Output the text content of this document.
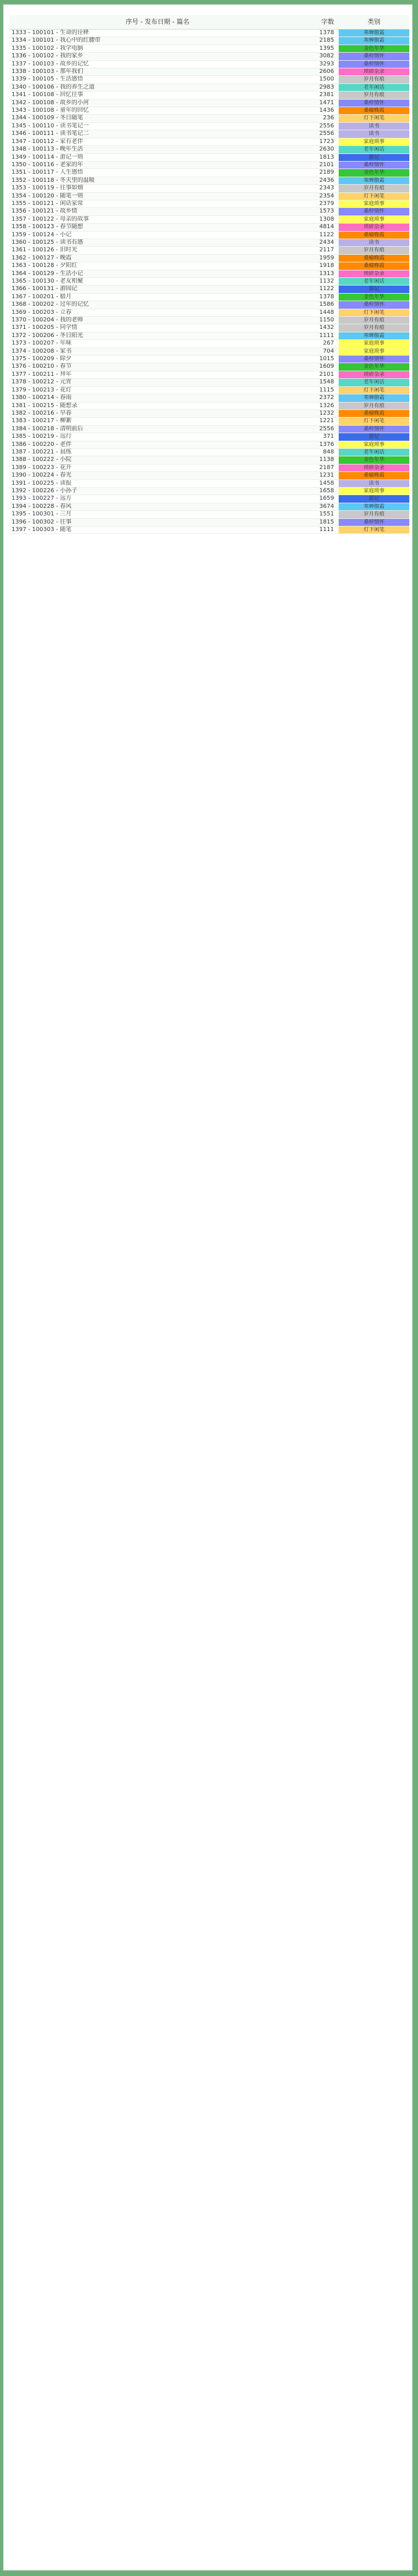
序号 - 发布日期 - 篇名	字数	类别
1333 - 100101 - 生命的诠释	1378	寒蝉傲霜
1334 - 100101 - 我心中的红腰带	2185	寒蝉傲霜
1335 - 100102 - 我学电脑	1395	金色年华
1336 - 100102 - 我的家乡	3082	桑梓情怀
1337 - 100103 - 故乡的记忆	3293	桑梓情怀
1338 - 100103 - 那年我们	2606	琐碎杂录
1339 - 100105 - 生活感悟	1500	岁月有痕
1340 - 100106 - 我的养生之道	2983	老年闲话
1341 - 100108 - 回忆往事	2381	岁月有痕
1342 - 100108 - 故乡的小河	1471	桑梓情怀
1343 - 100108 - 童年的回忆	1436	桑榆晚霞
1344 - 100109 - 冬日随笔	236	灯下闲笔
1345 - 100110 - 读书笔记一	2556	读书
1346 - 100111 - 读书笔记二	2556	读书
1347 - 100112 - 家有老伴	1723	家庭琐事
1348 - 100113 - 晚年生活	2630	老年闲话
1349 - 100114 - 游记一则	1813	游记
1350 - 100116 - 老家的年	2101	桑梓情怀
1351 - 100117 - 人生感悟	2189	金色年华
1352 - 100118 - 冬天里的温暖	2436	寒蝉傲霜
1353 - 100119 - 往事如烟	2343	岁月有痕
1354 - 100120 - 随笔一则	2354	灯下闲笔
1355 - 100121 - 闲话家常	2379	家庭琐事
1356 - 100121 - 故乡情	1573	桑梓情怀
1357 - 100122 - 母亲的故事	1308	家庭琐事
1358 - 100123 - 春节随想	4814	琐碎杂录
1359 - 100124 - 小记	1122	桑榆晚霞
1360 - 100125 - 读书有感	2434	读书
1361 - 100126 - 旧时光	2117	岁月有痕
1362 - 100127 - 晚霞	1959	桑榆晚霞
1363 - 100128 - 夕阳红	1918	桑榆晚霞
1364 - 100129 - 生活小记	1313	琐碎杂录
1365 - 100130 - 老友相聚	1132	老年闲话
1366 - 100131 - 游园记	1122	游记
1367 - 100201 - 腊月	1378	金色年华
1368 - 100202 - 过年的记忆	1586	桑梓情怀
1369 - 100203 - 立春	1448	灯下闲笔
1370 - 100204 - 我的老师	1150	岁月有痕
1371 - 100205 - 同学情	1432	岁月有痕
1372 - 100206 - 冬日阳光	1111	寒蝉傲霜
1373 - 100207 - 年味	267	家庭琐事
1374 - 100208 - 家书	704	家庭琐事
1375 - 100209 - 除夕	1015	桑梓情怀
1376 - 100210 - 春节	1609	金色年华
1377 - 100211 - 拜年	2101	琐碎杂录
1378 - 100212 - 元宵	1548	老年闲话
1379 - 100213 - 花灯	1115	灯下闲笔
1380 - 100214 - 春雨	2372	寒蝉傲霜
1381 - 100215 - 随想录	1326	岁月有痕
1382 - 100216 - 早春	1232	桑榆晚霞
1383 - 100217 - 柳絮	1221	灯下闲笔
1384 - 100218 - 清明前后	2556	桑梓情怀
1385 - 100219 - 远行	371	游记
1386 - 100220 - 老伴	1376	家庭琐事
1387 - 100221 - 晨练	848	老年闲话
1388 - 100222 - 小院	1138	金色年华
1389 - 100223 - 花开	2187	琐碎杂录
1390 - 100224 - 春光	1231	桑榆晚霞
1391 - 100225 - 读报	1458	读书
1392 - 100226 - 小孙子	1658	家庭琐事
1393 - 100227 - 远方	1659	游记
1394 - 100228 - 春风	3674	寒蝉傲霜
1395 - 100301 - 三月	1551	岁月有痕
1396 - 100302 - 往事	1815	桑梓情怀
1397 - 100303 - 随笔	1111	灯下闲笔
